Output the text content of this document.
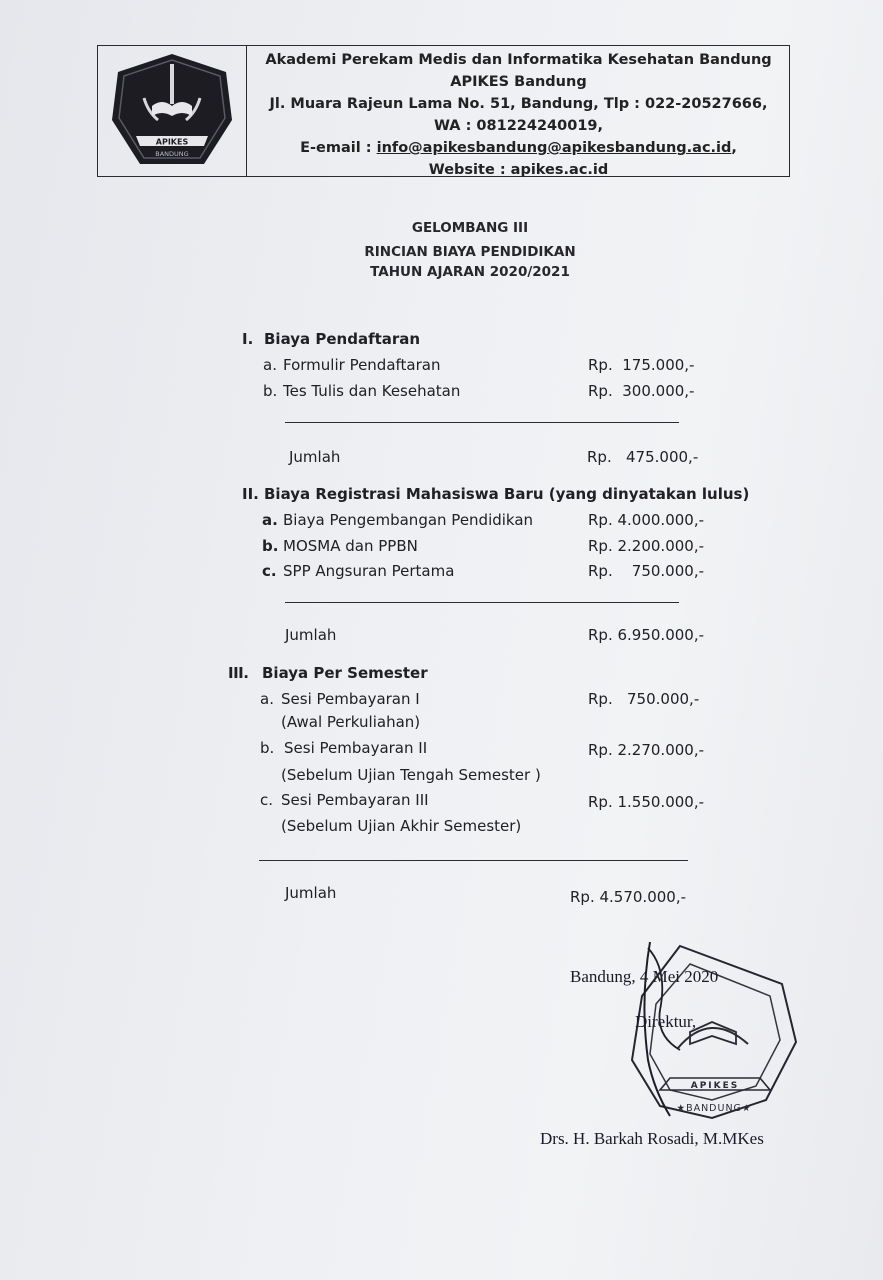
APIKES
BANDUNG
Akademi Perekam Medis dan Informatika Kesehatan Bandung
APIKES Bandung
Jl. Muara Rajeun Lama No. 51, Bandung, Tlp : 022-20527666,
WA : 081224240019,
E-email : info@apikesbandung@apikesbandung.ac.id,
Website : apikes.ac.id
GELOMBANG III
RINCIAN BIAYA PENDIDIKAN
TAHUN AJARAN 2020/2021
I. Biaya Pendaftaran
a. Formulir Pendaftaran	Rp.  175.000,-
b. Tes Tulis dan Kesehatan	Rp.  300.000,-
Jumlah	Rp.   475.000,-
II. Biaya Registrasi Mahasiswa Baru (yang dinyatakan lulus)
a. Biaya Pengembangan Pendidikan	Rp. 4.000.000,-
b. MOSMA dan PPBN	Rp. 2.200.000,-
c. SPP Angsuran Pertama	Rp.    750.000,-
Jumlah	Rp. 6.950.000,-
III. Biaya Per Semester
a. Sesi Pembayaran I	Rp.   750.000,-
(Awal Perkuliahan)
b. Sesi Pembayaran II	Rp. 2.270.000,-
(Sebelum Ujian Tengah Semester )
c. Sesi Pembayaran III	Rp. 1.550.000,-
(Sebelum Ujian Akhir Semester)
Jumlah	Rp. 4.570.000,-
APIKES
★BANDUNG★
Bandung, 4 Mei 2020
Direktur,
Drs. H. Barkah Rosadi, M.MKes
